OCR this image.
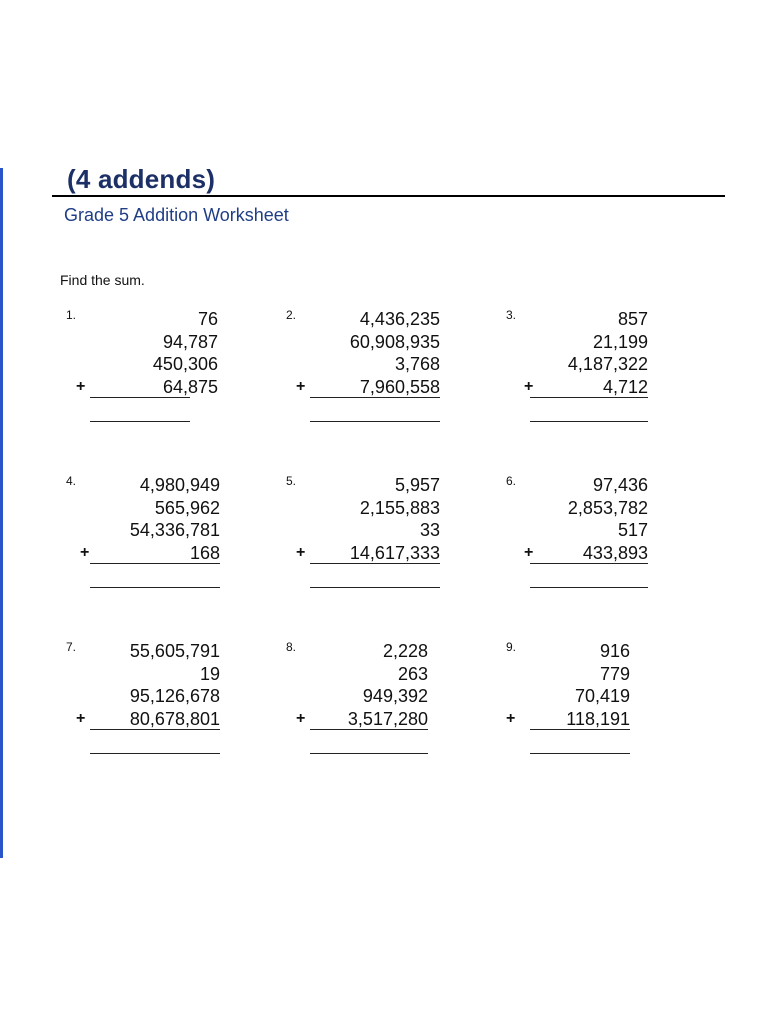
(4 addends)
Grade 5 Addition Worksheet
Find the sum.
1.	76
94,787
450,306
+	64,875
2.	4,436,235
60,908,935
3,768
+	7,960,558
3.	857
21,199
4,187,322
+	4,712
4.	4,980,949
565,962
54,336,781
+	168
5.	5,957
2,155,883
33
+ 14,617,333
6.	97,436
2,853,782
517
+	433,893
7.	55,605,791
19
95,126,678
+ 80,678,801
8.	2,228
263
949,392
+ 3,517,280
9.	916
779
70,419
+	118,191
